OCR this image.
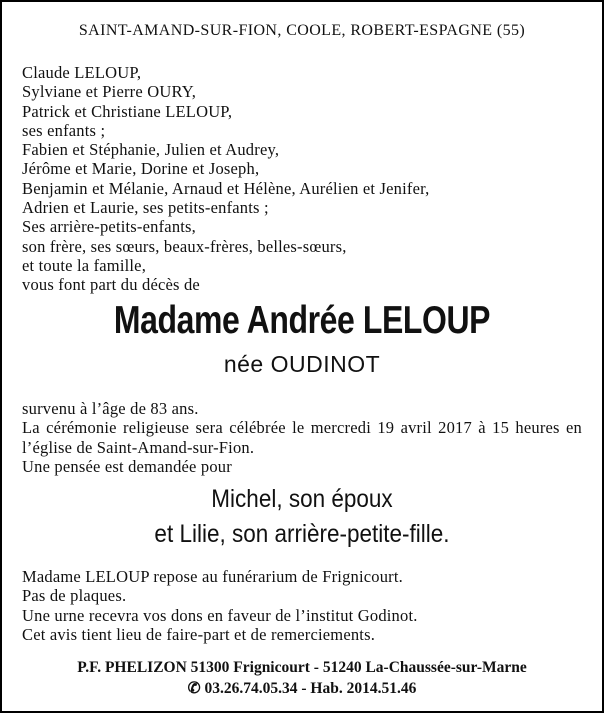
SAINT-AMAND-SUR-FION, COOLE, ROBERT-ESPAGNE (55)
Claude LELOUP,
Sylviane et Pierre OURY,
Patrick et Christiane LELOUP,
ses enfants ;
Fabien et Stéphanie, Julien et Audrey,
Jérôme et Marie, Dorine et Joseph,
Benjamin et Mélanie, Arnaud et Hélène, Aurélien et Jenifer,
Adrien et Laurie, ses petits-enfants ;
Ses arrière-petits-enfants,
son frère, ses sœurs, beaux-frères, belles-sœurs,
et toute la famille,
vous font part du décès de
Madame Andrée LELOUP
née OUDINOT
survenu à l’âge de 83 ans.
La cérémonie religieuse sera célébrée le mercredi 19 avril 2017 à 15 heures en l’église de Saint-Amand-sur-Fion.
Une pensée est demandée pour
Michel, son époux
et Lilie, son arrière-petite-fille.
Madame LELOUP repose au funérarium de Frignicourt.
Pas de plaques.
Une urne recevra vos dons en faveur de l’institut Godinot.
Cet avis tient lieu de faire-part et de remerciements.
P.F. PHELIZON 51300 Frignicourt - 51240 La-Chaussée-sur-Marne
✆ 03.26.74.05.34 - Hab. 2014.51.46
